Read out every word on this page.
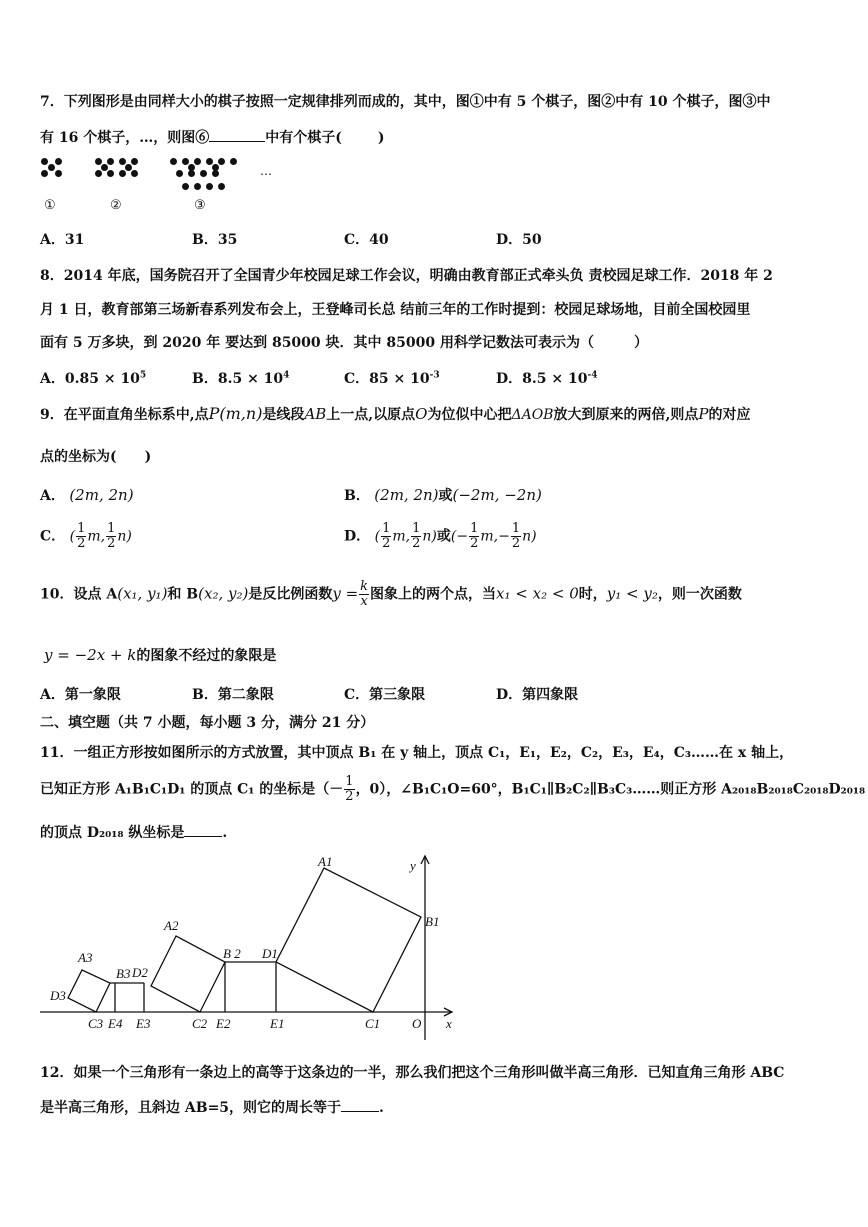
7．下列图形是由同样大小的棋子按照一定规律排列而成的，其中，图①中有 5 个棋子，图②中有 10 个棋子，图③中
有 16 个棋子，…，则图⑥	中有个棋子(	)
…
①	②	③
A．31	B．35	C．40	D．50
8．2014 年底，国务院召开了全国青少年校园足球工作会议，明确由教育部正式牵头负 责校园足球工作．2018 年 2
月 1 日，教育部第三场新春系列发布会上，王登峰司长总 结前三年的工作时提到：校园足球场地，目前全国校园里
面有 5 万多块，到 2020 年 要达到 85000 块．其中 85000 用科学记数法可表示为（	）
A．$0.85 \times 10^5$	B．$8.5 \times 10^4$	C．$85 \times 10^{-3}$	D．$8.5 \times 10^{-4}$
9．在平面直角坐标系中,点P(m,n)是线段AB上一点,以原点O为位似中心把ΔAOB放大到原来的两倍,则点P的对应
点的坐标为( )
A． (2m, 2n)	B． (2m, 2n)或(−2m, −2n)
C． ( $\frac{1}{2} m$, $\frac{1}{2} n$)	D． ( $\frac{1}{2} m$, $\frac{1}{2} n$)或(− $\frac{1}{2} m,- \frac{1}{2} n$)
10．设点 A(x₁, y₁)和 B(x₂, y₂)是反比例函数$y = \frac{k}{x}$ 图象上的两个点，当x₁ < x₂ < 0时，y₁ < y₂，则一次函数
y = −2x + k的图象不经过的象限是
A．第一象限	B．第二象限	C．第三象限	D．第四象限
二、填空题（共 7 小题，每小题 3 分，满分 21 分）
11．一组正方形按如图所示的方式放置，其中顶点 B₁ 在 y 轴上，顶点 C₁，E₁，E₂，C₂，E₃，E₄，C₃……在 x 轴上，
已知正方形 A₁B₁C₁D₁ 的顶点 C₁ 的坐标是（－ $\frac{1}{2}$ ，0），∠B₁C₁O=60°，B₁C₁∥B₂C₂∥B₃C₃……则正方形 A₂₀₁₈B₂₀₁₈C₂₀₁₈D₂₀₁₈
的顶点 D₂₀₁₈ 纵坐标是	.
y
x
O
A1
B1
C1
D1
E1
A2
B 2
C2
D2
E2
A3
B3
C3
D3
E3
E4
12．如果一个三角形有一条边上的高等于这条边的一半，那么我们把这个三角形叫做半高三角形．已知直角三角形 ABC
是半高三角形，且斜边 AB=5，则它的周长等于	.
